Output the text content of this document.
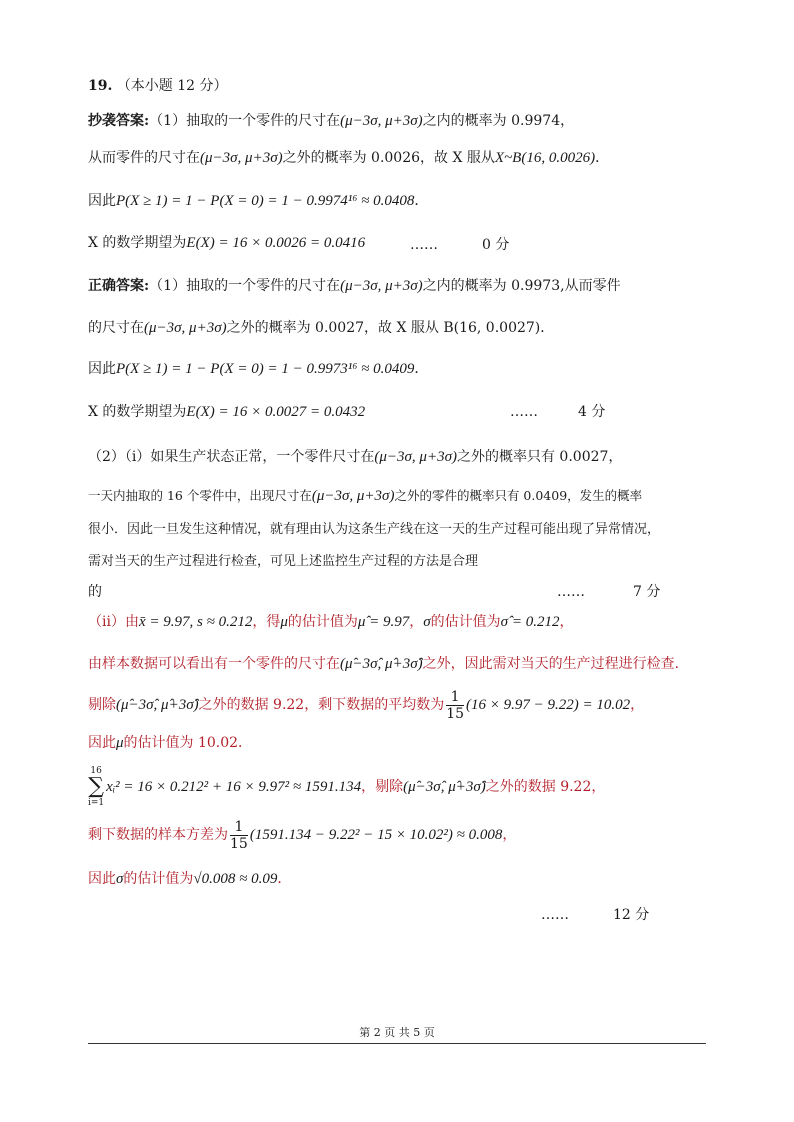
19. （本小题 12 分）
抄袭答案:（1）抽取的一个零件的尺寸在(μ−3σ, μ+3σ)之内的概率为 0.9974，
从而零件的尺寸在(μ−3σ, μ+3σ)之外的概率为 0.0026，故 X 服从X~B(16, 0.0026)．
因此P(X ≥ 1) = 1 − P(X = 0) = 1 − 0.9974¹⁶ ≈ 0.0408．
X 的数学期望为E(X) = 16 × 0.0026 = 0.0416	……	0 分
正确答案:（1）抽取的一个零件的尺寸在(μ−3σ, μ+3σ)之内的概率为 0.9973,从而零件
的尺寸在(μ−3σ, μ+3σ)之外的概率为 0.0027，故 X 服从 B(16, 0.0027)．
因此P(X ≥ 1) = 1 − P(X = 0) = 1 − 0.9973¹⁶ ≈ 0.0409．
X 的数学期望为E(X) = 16 × 0.0027 = 0.0432	……	4 分
（2）（i）如果生产状态正常，一个零件尺寸在(μ−3σ, μ+3σ)之外的概率只有 0.0027，
一天内抽取的 16 个零件中，出现尺寸在(μ−3σ, μ+3σ)之外的零件的概率只有 0.0409，发生的概率
很小．因此一旦发生这种情况，就有理由认为这条生产线在这一天的生产过程可能出现了异常情况，
需对当天的生产过程进行检查，可见上述监控生产过程的方法是合理
的	……	7 分
（ii）由x̄ = 9.97, s ≈ 0.212，得μ的估计值为μ̂ = 9.97，σ的估计值为σ̂ = 0.212，
由样本数据可以看出有一个零件的尺寸在(μ̂−3σ̂, μ̂+3σ̂)之外，因此需对当天的生产过程进行检查．
剔除(μ̂−3σ̂, μ̂+3σ̂)之外的数据 9.22，剩下数据的平均数为 $\frac{1}{15} (16 \times 9.97 - 9.22) = 10.02$，
因此μ的估计值为 10.02．
16
∑
i=1
xᵢ² = 16 × 0.212² + 16 × 9.97² ≈ 1591.134，剔除(μ̂−3σ̂, μ̂+3σ̂)之外的数据 9.22，
剩下数据的样本方差为 $\frac{1}{15} (1591.134 - 9.22^2 - 15 \times 10.02^2) \approx 0.008$，
因此σ的估计值为√0.008 ≈ 0.09．
……	12 分
第 2 页 共 5 页
